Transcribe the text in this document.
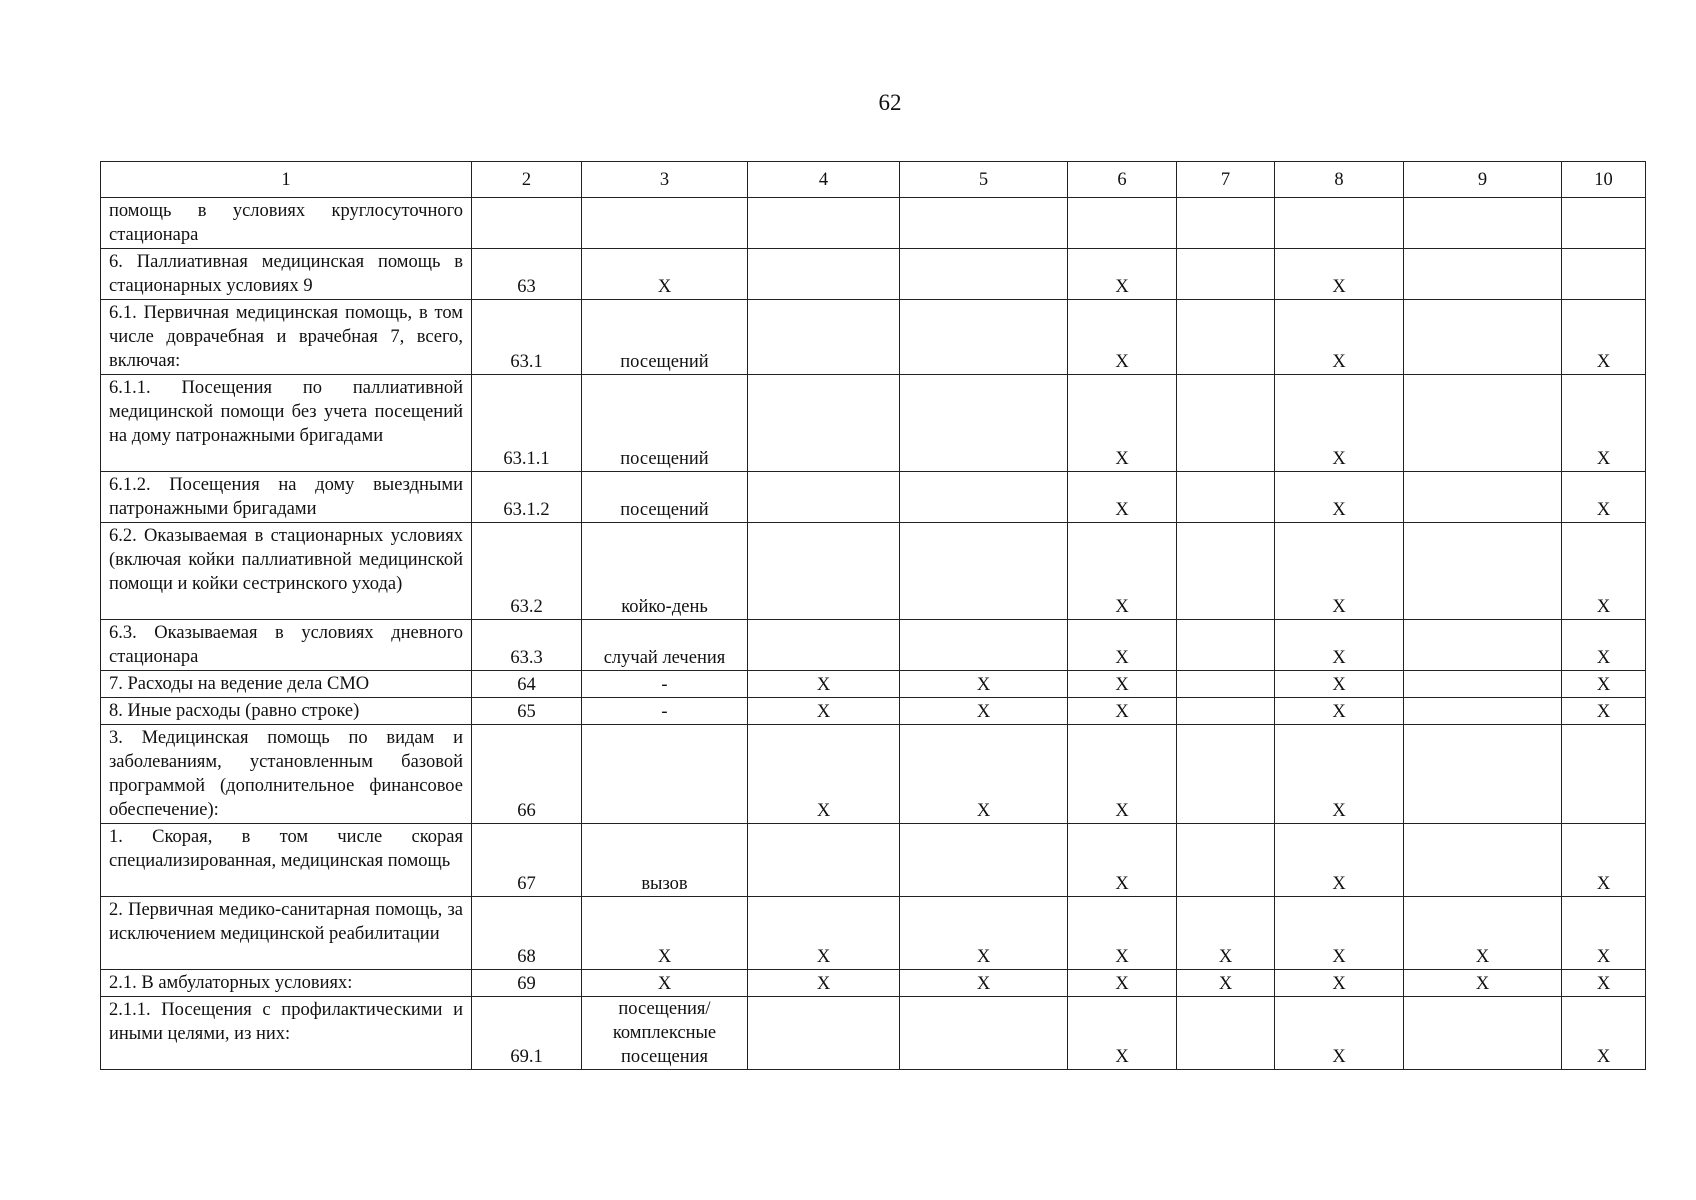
62
1	2	3	4	5	6	7	8	9	10
помощь в условиях круглосуточного стационара									
6. Паллиативная медицинская помощь в стационарных условиях 9	63	Х			Х		Х		
6.1. Первичная медицинская помощь, в том числе доврачебная и врачебная 7, всего, включая:	63.1	посещений			Х		Х		Х
6.1.1. Посещения по паллиативной медицинской помощи без учета посещений на дому патронажными бригадами	63.1.1	посещений			Х		Х		Х
6.1.2. Посещения на дому выездными патронажными бригадами	63.1.2	посещений			Х		Х		Х
6.2. Оказываемая в стационарных условиях (включая койки паллиативной медицинской помощи и койки сестринского ухода)	63.2	койко-день			Х		Х		Х
6.3. Оказываемая в условиях дневного стационара	63.3	случай лечения			Х		Х		Х
7. Расходы на ведение дела СМО	64	-	Х	Х	Х		Х		Х
8. Иные расходы (равно строке)	65	-	Х	Х	Х		Х		Х
3. Медицинская помощь по видам и заболеваниям, установленным базовой программой (дополнительное финансовое обеспечение):	66		Х	Х	Х		Х		
1. Скорая, в том числе скорая специализированная, медицинская помощь	67	вызов			Х		Х		Х
2. Первичная медико-санитарная помощь, за исключением медицинской реабилитации	68	Х	Х	Х	Х	Х	Х	Х	Х
2.1. В амбулаторных условиях:	69	Х	Х	Х	Х	Х	Х	Х	Х
2.1.1. Посещения с профилактическими и иными целями, из них:	69.1	посещения/ комплексные посещения			Х		Х		Х
